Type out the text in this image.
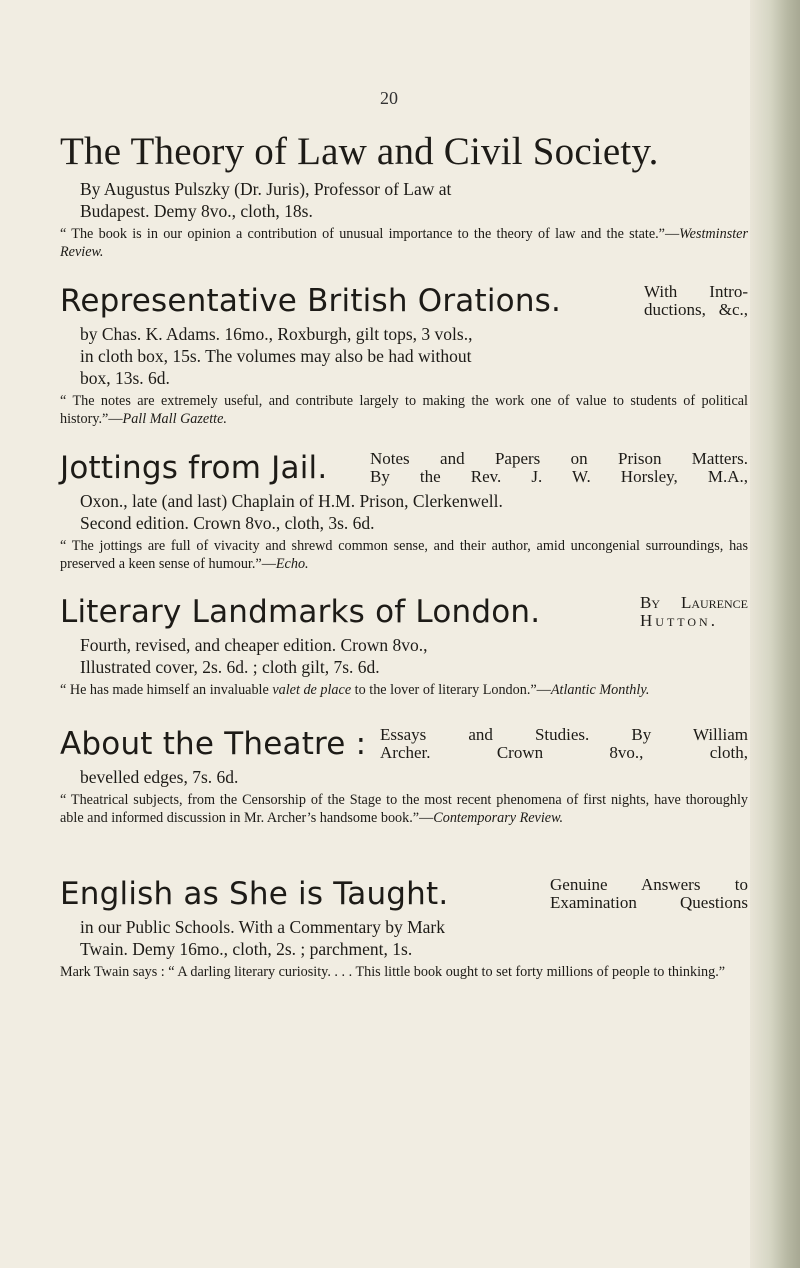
20
The Theory of Law and Civil Society.
By Augustus Pulszky (Dr. Juris), Professor of Law at
Budapest. Demy 8vo., cloth, 18s.
“ The book is in our opinion a contribution of unusual importance to the theory of law and the state.”—Westminster Review.
Representative British Orations.	With Intro-
ductions, &c.,
by Chas. K. Adams. 16mo., Roxburgh, gilt tops, 3 vols.,
in cloth box, 15s. The volumes may also be had without
box, 13s. 6d.
“ The notes are extremely useful, and contribute largely to making the work one of value to students of political history.”—Pall Mall Gazette.
Jottings from Jail.	Notes and Papers on Prison Matters.
By the Rev. J. W. Horsley, M.A.,
Oxon., late (and last) Chaplain of H.M. Prison, Clerkenwell.
Second edition. Crown 8vo., cloth, 3s. 6d.
“ The jottings are full of vivacity and shrewd common sense, and their author, amid uncongenial surroundings, has preserved a keen sense of humour.”—Echo.
Literary Landmarks of London.	By Laurence
Hutton.
Fourth, revised, and cheaper edition. Crown 8vo.,
Illustrated cover, 2s. 6d. ; cloth gilt, 7s. 6d.
“ He has made himself an invaluable valet de place to the lover of literary London.”—Atlantic Monthly.
About the Theatre : Essays and Studies. By William
Archer. Crown 8vo., cloth,
bevelled edges, 7s. 6d.
“ Theatrical subjects, from the Censorship of the Stage to the most recent phenomena of first nights, have thoroughly able and informed discussion in Mr. Archer’s handsome book.”—Contemporary Review.
English as She is Taught.	Genuine Answers to
Examination Questions
in our Public Schools. With a Commentary by Mark
Twain. Demy 16mo., cloth, 2s. ; parchment, 1s.
Mark Twain says : “ A darling literary curiosity. . . . This little book ought to set forty millions of people to thinking.”
